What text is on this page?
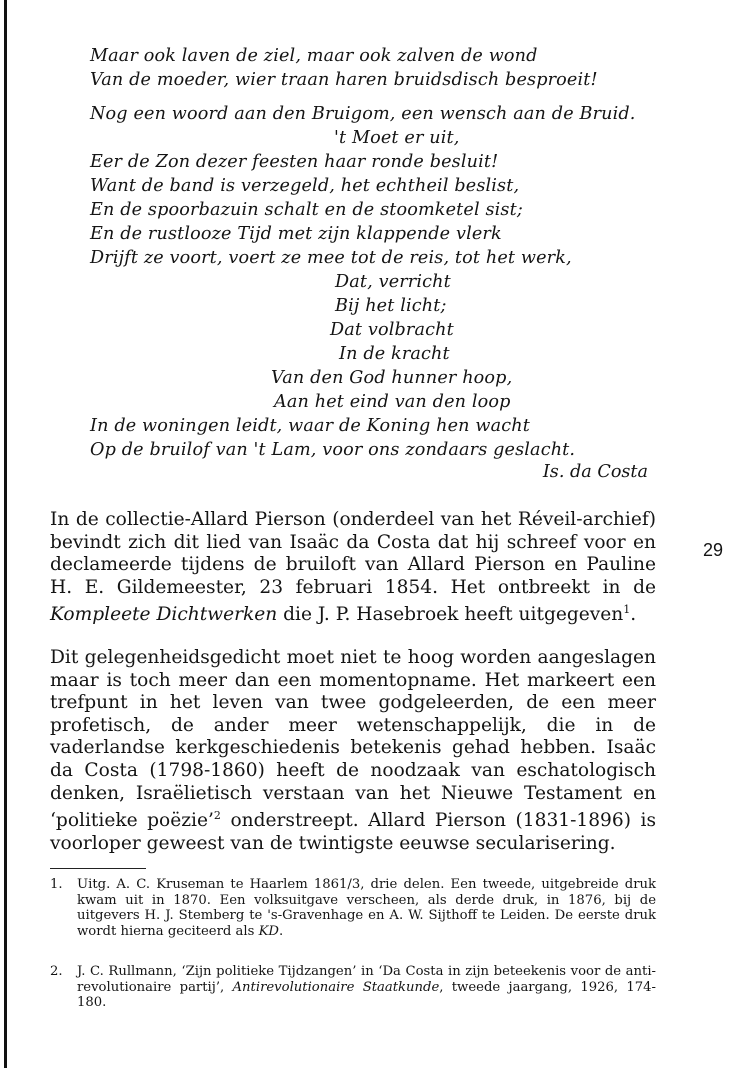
Maar ook laven de ziel, maar ook zalven de wond
Van de moeder, wier traan haren bruidsdisch besproeit!
Nog een woord aan den Bruigom, een wensch aan de Bruid.
't Moet er uit,
Eer de Zon dezer feesten haar ronde besluit!
Want de band is verzegeld, het echtheil beslist,
En de spoorbazuin schalt en de stoomketel sist;
En de rustlooze Tijd met zijn klappende vlerk
Drijft ze voort, voert ze mee tot de reis, tot het werk,
Dat, verricht
Bij het licht;
Dat volbracht
In de kracht
Van den God hunner hoop,
Aan het eind van den loop
In de woningen leidt, waar de Koning hen wacht
Op de bruilof van 't Lam, voor ons zondaars geslacht.
Is. da Costa

In de collectie-Allard Pierson (onderdeel van het Réveil-archief) bevindt zich dit lied van Isaäc da Costa dat hij schreef voor en declameerde tijdens de bruiloft van Allard Pierson en Pauline H. E. Gildemeester, 23 februari 1854. Het ontbreekt in de Kompleete Dichtwerken die J. P. Hasebroek heeft uitgegeven$^1$.

29

Dit gelegenheidsgedicht moet niet te hoog worden aangeslagen maar is toch meer dan een momentopname. Het markeert een trefpunt in het leven van twee godgeleerden, de een meer profetisch, de ander meer wetenschappelijk, die in de vaderlandse kerkgeschiedenis betekenis gehad hebben. Isaäc da Costa (1798-1860) heeft de noodzaak van eschatologisch denken, Israëlietisch verstaan van het Nieuwe Testament en ‘politieke poëzie’$^2$ onderstreept. Allard Pierson (1831-1896) is voorloper geweest van de twintigste eeuwse secularisering.

1. Uitg. A. C. Kruseman te Haarlem 1861/3, drie delen. Een tweede, uitgebreide druk kwam uit in 1870. Een volksuitgave verscheen, als derde druk, in 1876, bij de uitgevers H. J. Stemberg te 's-Gravenhage en A. W. Sijthoff te Leiden. De eerste druk wordt hierna geciteerd als KD.
2. J. C. Rullmann, ‘Zijn politieke Tijdzangen’ in ‘Da Costa in zijn beteekenis voor de anti-revolutionaire partij’, Antirevolutionaire Staatkunde, tweede jaargang, 1926, 174-180.
